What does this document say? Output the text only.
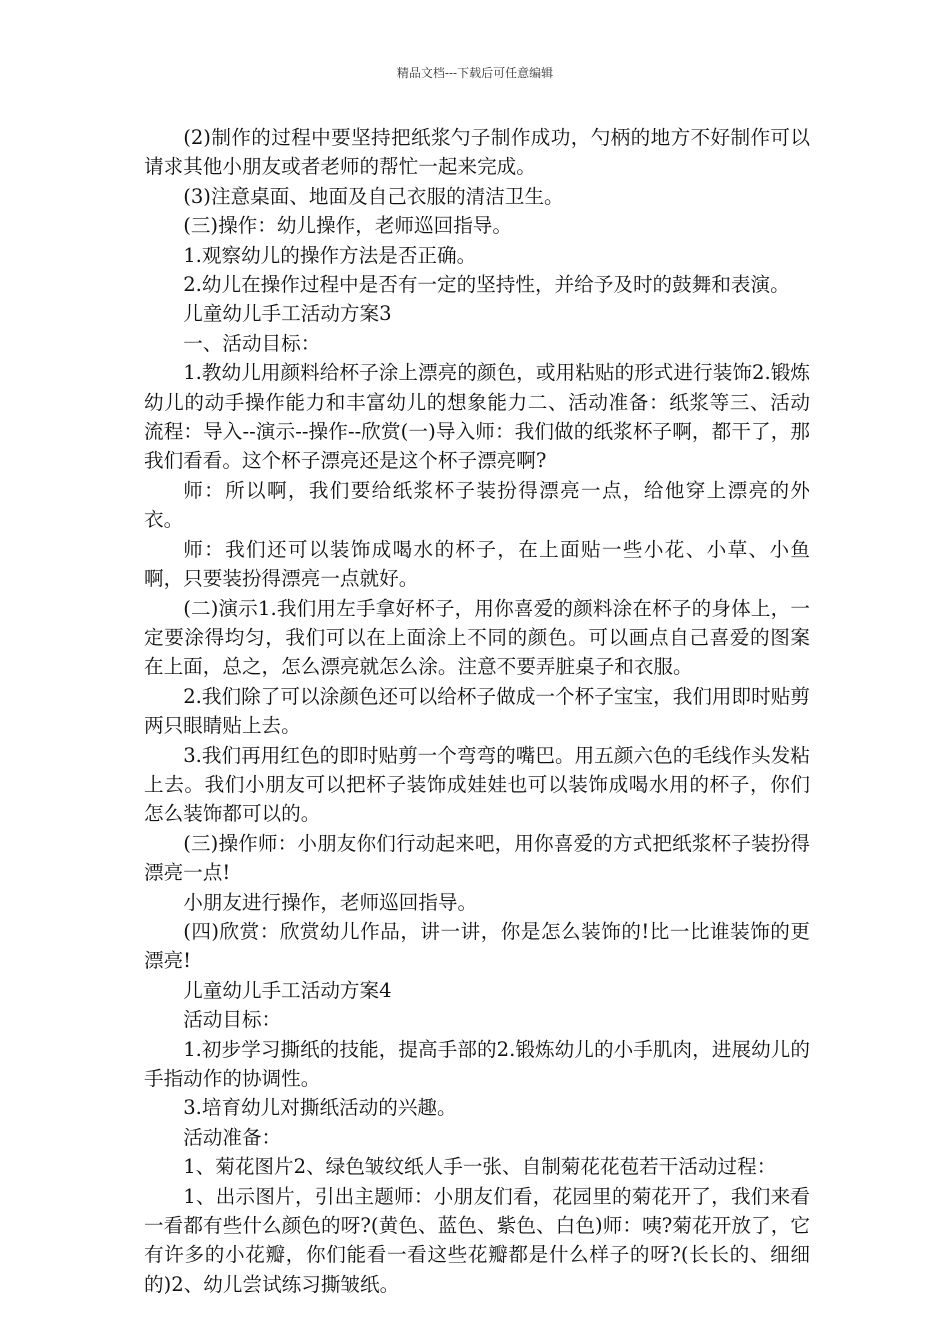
精品文档---下载后可任意编辑

(2)制作的过程中要坚持把纸浆勺子制作成功，勺柄的地方不好制作可以请求其他小朋友或者老师的帮忙一起来完成。

(3)注意桌面、地面及自己衣服的清洁卫生。

(三)操作：幼儿操作，老师巡回指导。

1.观察幼儿的操作方法是否正确。

2.幼儿在操作过程中是否有一定的坚持性，并给予及时的鼓舞和表演。

儿童幼儿手工活动方案3

一、活动目标：

1.教幼儿用颜料给杯子涂上漂亮的颜色，或用粘贴的形式进行装饰2.锻炼幼儿的动手操作能力和丰富幼儿的想象能力二、活动准备：纸浆等三、活动流程：导入--演示--操作--欣赏(一)导入师：我们做的纸浆杯子啊，都干了，那我们看看。这个杯子漂亮还是这个杯子漂亮啊?

师：所以啊，我们要给纸浆杯子装扮得漂亮一点，给他穿上漂亮的外衣。

师：我们还可以装饰成喝水的杯子，在上面贴一些小花、小草、小鱼啊，只要装扮得漂亮一点就好。

(二)演示1.我们用左手拿好杯子，用你喜爱的颜料涂在杯子的身体上，一定要涂得均匀，我们可以在上面涂上不同的颜色。可以画点自己喜爱的图案在上面，总之，怎么漂亮就怎么涂。注意不要弄脏桌子和衣服。

2.我们除了可以涂颜色还可以给杯子做成一个杯子宝宝，我们用即时贴剪两只眼睛贴上去。

3.我们再用红色的即时贴剪一个弯弯的嘴巴。用五颜六色的毛线作头发粘上去。我们小朋友可以把杯子装饰成娃娃也可以装饰成喝水用的杯子，你们怎么装饰都可以的。

(三)操作师：小朋友你们行动起来吧，用你喜爱的方式把纸浆杯子装扮得漂亮一点!

小朋友进行操作，老师巡回指导。

(四)欣赏：欣赏幼儿作品，讲一讲，你是怎么装饰的!比一比谁装饰的更漂亮!

儿童幼儿手工活动方案4

活动目标：

1.初步学习撕纸的技能，提高手部的2.锻炼幼儿的小手肌肉，进展幼儿的手指动作的协调性。

3.培育幼儿对撕纸活动的兴趣。

活动准备：

1、菊花图片2、绿色皱纹纸人手一张、自制菊花花苞若干活动过程：

1、出示图片，引出主题师：小朋友们看，花园里的菊花开了，我们来看一看都有些什么颜色的呀?(黄色、蓝色、紫色、白色)师：咦?菊花开放了，它有许多的小花瓣，你们能看一看这些花瓣都是什么样子的呀?(长长的、细细的)2、幼儿尝试练习撕皱纸。
